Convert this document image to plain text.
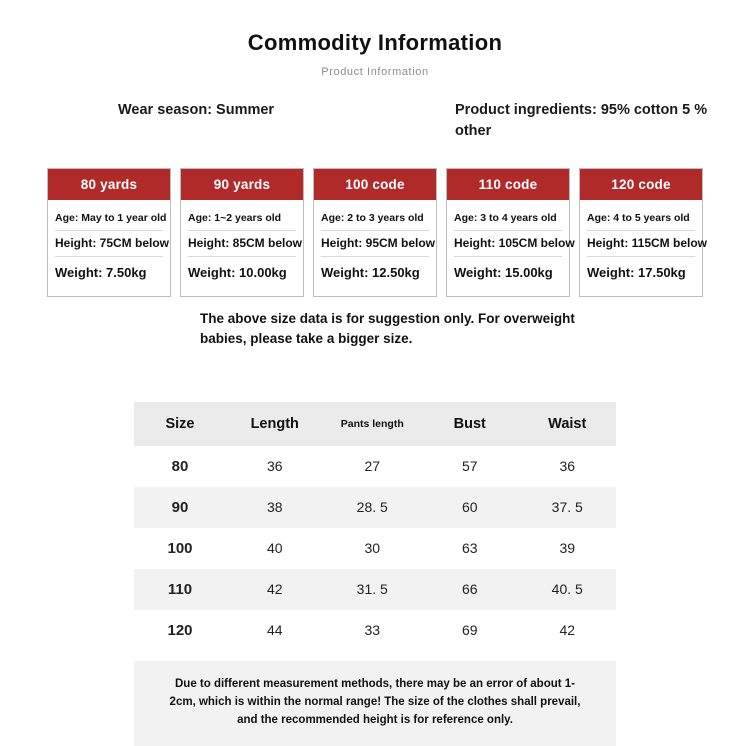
Commodity Information
Product Information
Wear season: Summer	Product ingredients: 95% cotton 5 % other
80 yards
Age: May to 1 year old
Height: 75CM below
Weight: 7.50kg
90 yards
Age: 1~2 years old
Height: 85CM below
Weight: 10.00kg
100 code
Age: 2 to 3 years old
Height: 95CM below
Weight: 12.50kg
110 code
Age: 3 to 4 years old
Height: 105CM below
Weight: 15.00kg
120 code
Age: 4 to 5 years old
Height: 115CM below
Weight: 17.50kg
The above size data is for suggestion only. For overweight babies, please take a bigger size.
Size	Length	Pants length	Bust	Waist
80	36	27	57	36
90	38	28. 5	60	37. 5
100	40	30	63	39
110	42	31. 5	66	40. 5
120	44	33	69	42
Due to different measurement methods, there may be an error of about 1-2cm, which is within the normal range! The size of the clothes shall prevail, and the recommended height is for reference only.
